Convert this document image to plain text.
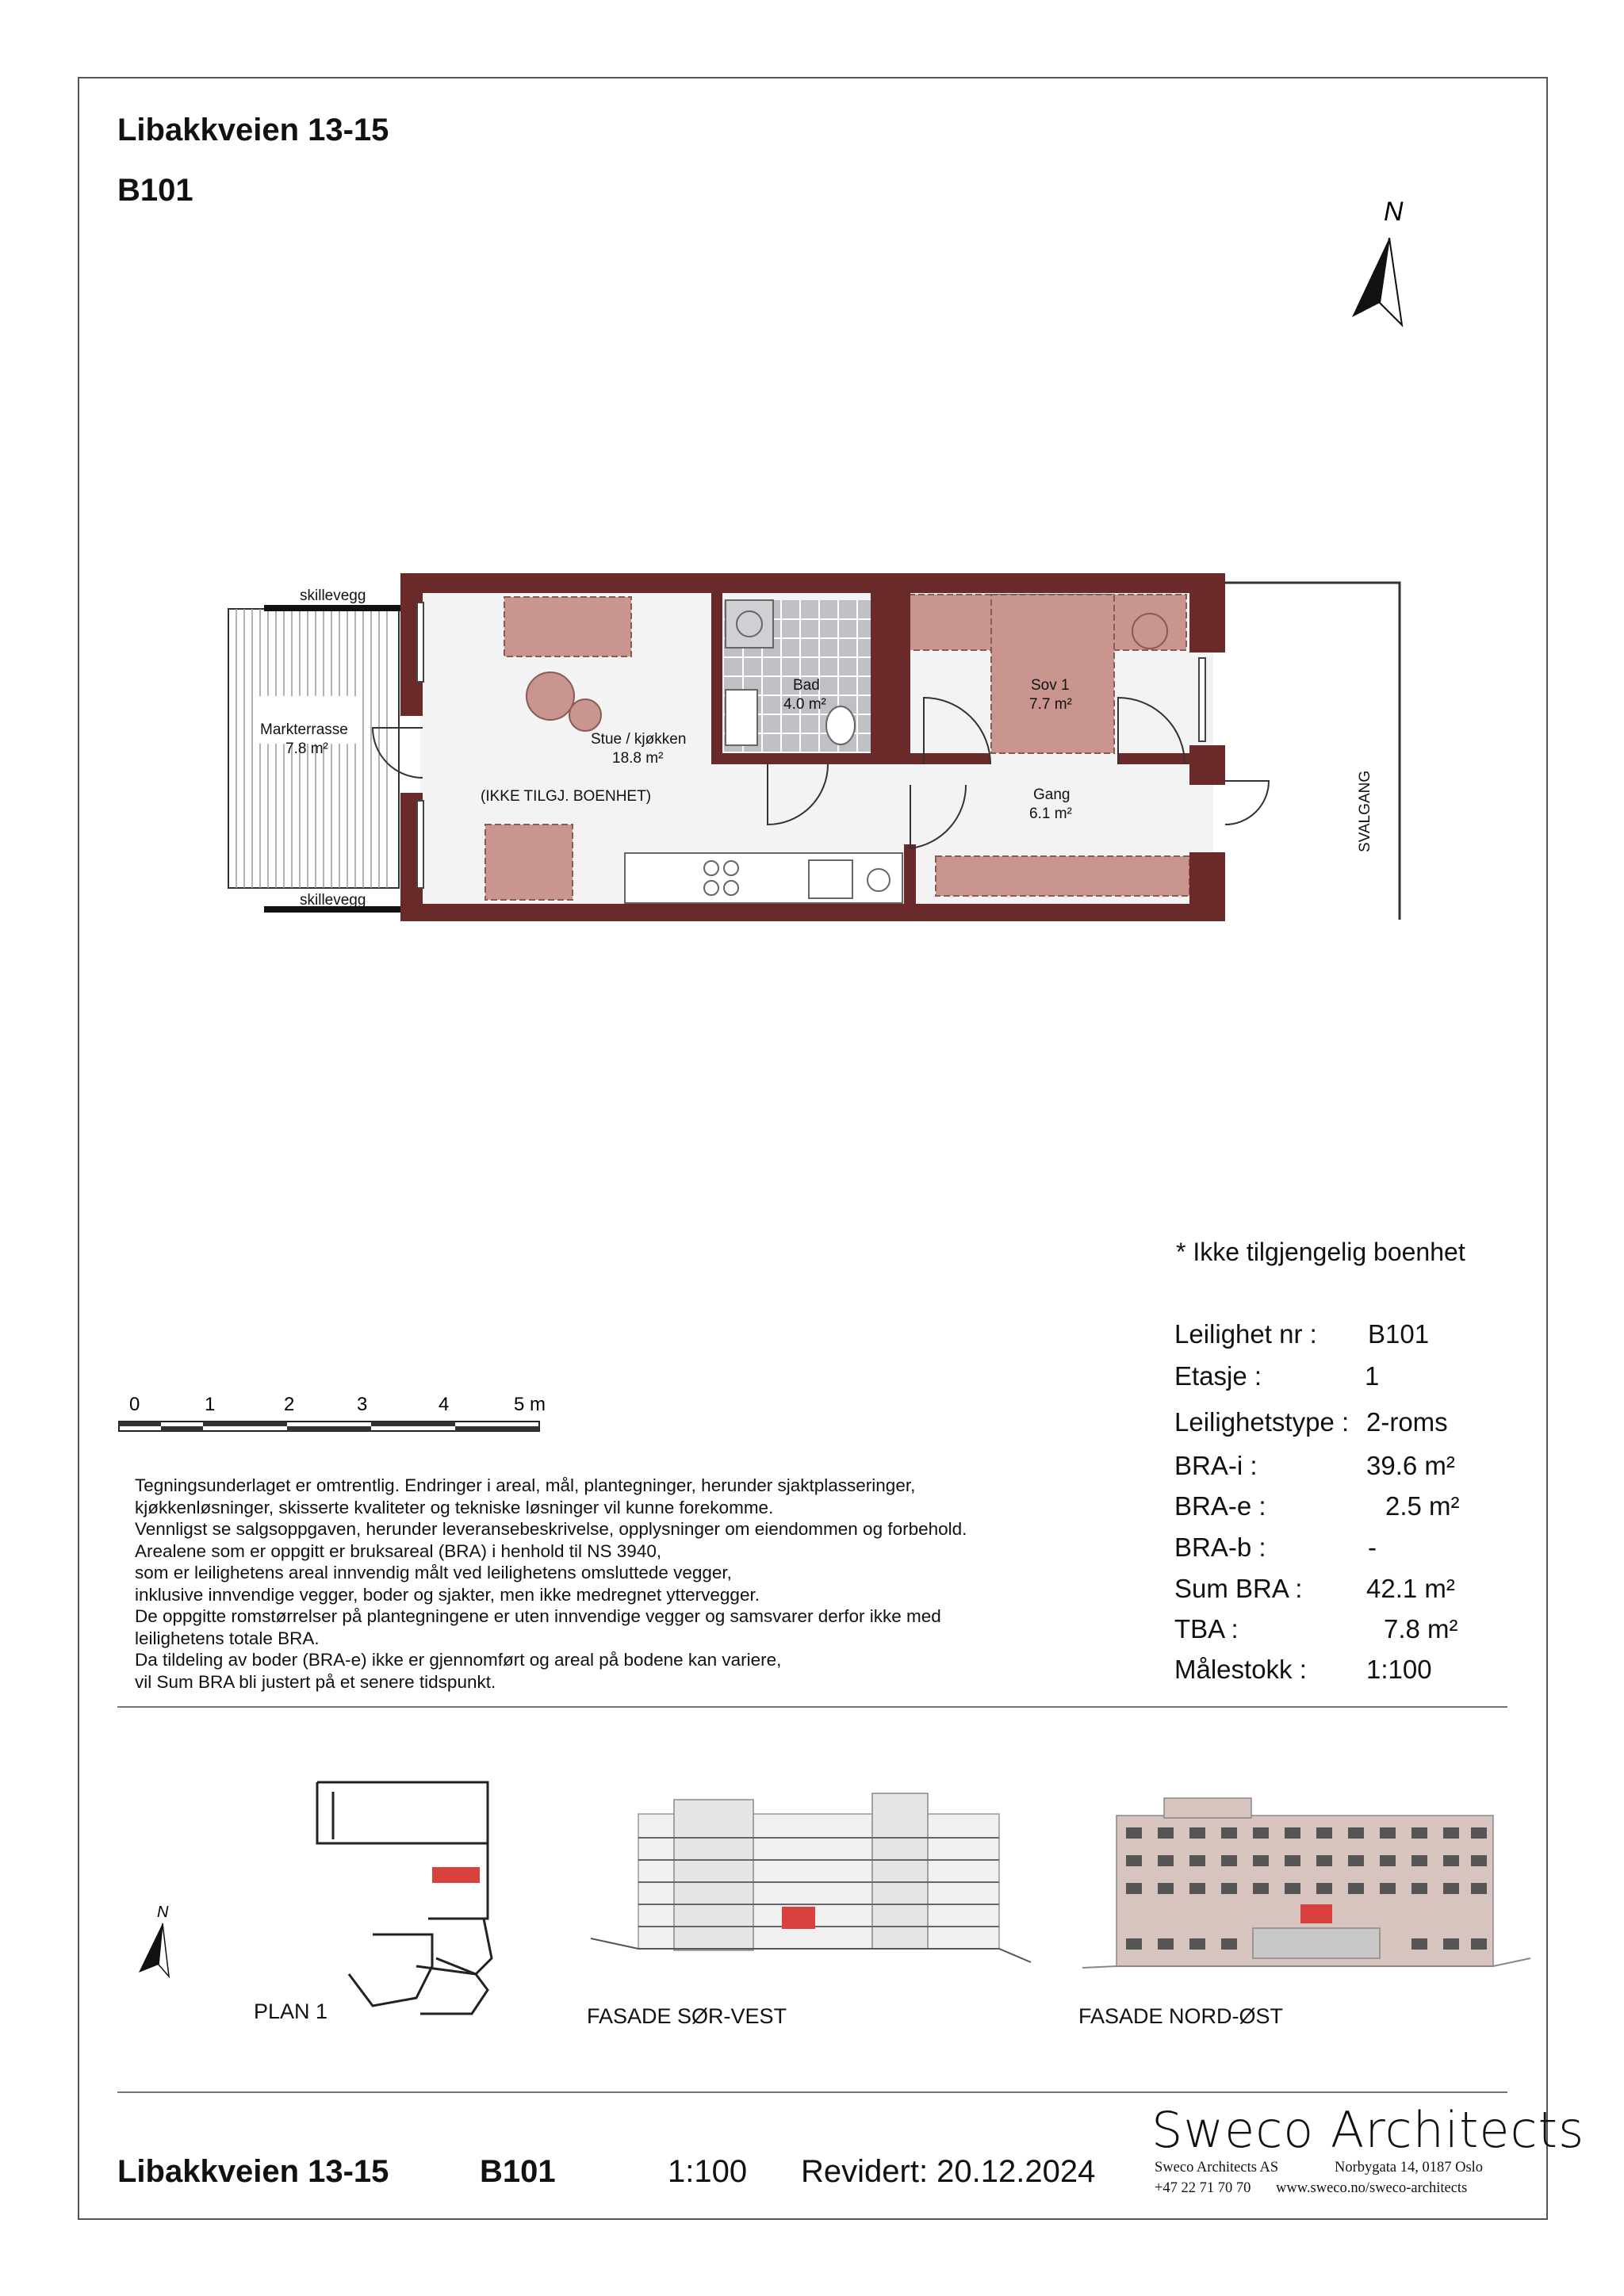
Libakkveien 13-15
B101
N
skillevegg
skillevegg
Markterrasse
7.8 m²
SVALGANG
Stue / kjøkken
18.8 m²
Bad
4.0 m²
Sov 1
7.7 m²
Gang
6.1 m²
(IKKE TILGJ. BOENHET)
0	1	2	3	4	5 m
N
* Ikke tilgjengelig boenhet
Leilighet nr : B101
Etasje :	1
Leilighetstype : 2-roms
BRA-i :	39.6 m²
BRA-e :	2.5 m²
BRA-b :	-
Sum BRA : 42.1 m²
TBA :	7.8 m²
Målestokk : 1:100
Tegningsunderlaget er omtrentlig. Endringer i areal, mål, plantegninger, herunder sjaktplasseringer,
kjøkkenløsninger, skisserte kvaliteter og tekniske løsninger vil kunne forekomme.
Vennligst se salgsoppgaven, herunder leveransebeskrivelse, opplysninger om eiendommen og forbehold.
Arealene som er oppgitt er bruksareal (BRA) i henhold til NS 3940,
som er leilighetens areal innvendig målt ved leilighetens omsluttede vegger,
inklusive innvendige vegger, boder og sjakter, men ikke medregnet yttervegger.
De oppgitte romstørrelser på plantegningene er uten innvendige vegger og samsvarer derfor ikke med
leilighetens totale BRA.
Da tildeling av boder (BRA-e) ikke er gjennomført og areal på bodene kan variere,
vil Sum BRA bli justert på et senere tidspunkt.
PLAN 1	FASADE SØR-VEST	FASADE NORD-ØST
Libakkveien 13-15	B101	1:100 Revidert: 20.12.2024
Sweco Architects
Sweco Architects AS	Norbygata 14, 0187 Oslo
+47 22 71 70 70 www.sweco.no/sweco-architects
